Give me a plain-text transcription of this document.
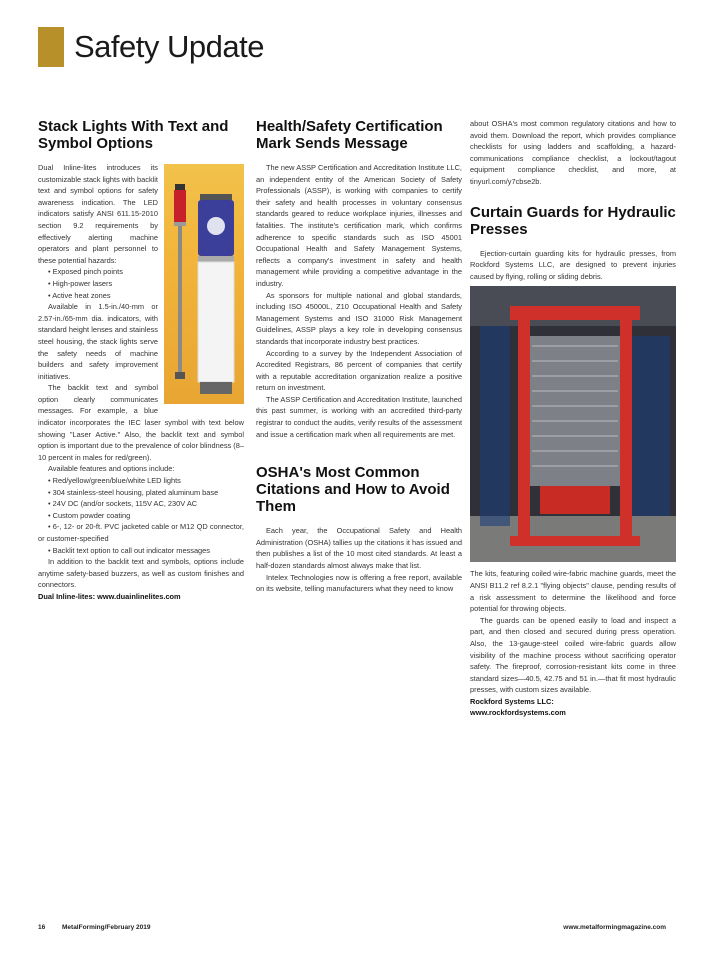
Safety Update
Stack Lights With Text and Symbol Options

Dual Inline-lites introduces its customizable stack lights with backlit text and symbol options for safety awareness indication. The LED indicators satisfy ANSI 611.15-2010 section 9.2 requirements by effectively alerting machine operators and plant personnel to these potential hazards:

• Exposed pinch points

• High-power lasers

• Active heat zones

Available in 1.5-in./40-mm or 2.57-in./65-mm dia. indicators, with standard height lenses and stainless steel housing, the stack lights serve the safety needs of machine builders and safety improvement initiatives.

The backlit text and symbol option clearly communicates messages. For example, a blue indicator incorporates the IEC laser symbol with text below showing "Laser Active." Also, the backlit text and symbol option is important due to the prevalence of color blindness (8–10 percent in males for red/green).

Available features and options include:

• Red/yellow/green/blue/white LED lights

• 304 stainless-steel housing, plated aluminum base

• 24V DC (and/or sockets, 115V AC, 230V AC

• Custom powder coating

• 6-, 12- or 20-ft. PVC jacketed cable or M12 QD connector, or customer-specified

• Backlit text option to call out indicator messages

In addition to the backlit text and symbols, options include anytime safety-based buzzers, as well as custom finishes and connectors.

Dual Inline-lites: www.duainlinelites.com

Health/Safety Certification Mark Sends Message

The new ASSP Certification and Accreditation Institute LLC, an independent entity of the American Society of Safety Professionals (ASSP), is working with companies to certify their safety and health processes in voluntary consensus standards geared to reduce workplace injuries, illnesses and fatalities. The institute's certification mark, which confirms adherence to specific standards such as ISO 45001 Occupational Health and Safety Management Systems, reflects a company's investment in safety and health management while providing a competitive advantage in the industry.

As sponsors for multiple national and global standards, including ISO 45000L, Z10 Occupational Health and Safety Management Systems and ISO 31000 Risk Management Guidelines, ASSP plays a key role in developing consensus standards that incorporate industry best practices.

According to a survey by the Independent Association of Accredited Registrars, 86 percent of companies that certify with a reputable accreditation organization realize a positive return on investment.

The ASSP Certification and Accreditation Institute, launched this past summer, is working with an accredited third-party registrar to conduct the audits, verify results of the assessment and issue a certification mark when all requirements are met.

OSHA's Most Common Citations and How to Avoid Them

Each year, the Occupational Safety and Health Administration (OSHA) tallies up the citations it has issued and then publishes a list of the 10 most cited standards. At least a half-dozen standards almost always make that list.

Intelex Technologies now is offering a free report, available on its website, telling manufacturers what they need to know

about OSHA's most common regulatory citations and how to avoid them. Download the report, which provides compliance checklists for using ladders and scaffolding, a hazard-communications compliance checklist, a lockout/tagout equipment compliance checklist, and more, at tinyurl.com/y7cbse2b.

Curtain Guards for Hydraulic Presses

Ejection-curtain guarding kits for hydraulic presses, from Rockford Systems LLC, are designed to prevent injuries caused by flying, rolling or sliding debris.

The kits, featuring coiled wire-fabric machine guards, meet the ANSI B11.2 ref 8.2.1 "flying objects" clause, pending results of a risk assessment to determine the likelihood and force potential for throwing objects.

The guards can be opened easily to load and inspect a part, and then closed and secured during press operation. Also, the 13-gauge-steel coiled wire-fabric guards allow visibility of the machine process without sacrificing operator safety. The fireproof, corrosion-resistant kits come in three standard sizes—40.5, 42.75 and 51 in.—that fit most hydraulic presses, with custom sizes available.

Rockford Systems LLC:

www.rockfordsystems.com

16	MetalForming/February 2019	www.metalformingmagazine.com
